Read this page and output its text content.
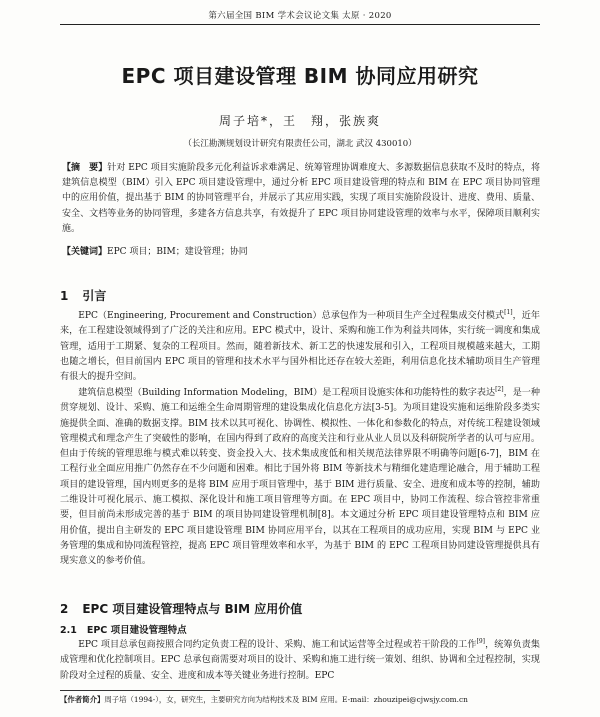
第六届全国 BIM 学术会议论文集 太原 · 2020
EPC 项目建设管理 BIM 协同应用研究
周子培*，王　翔，张族爽
（长江勘测规划设计研究有限责任公司，湖北 武汉 430010）

【摘　要】针对 EPC 项目实施阶段多元化利益诉求难满足、统筹管理协调难度大、多源数据信息获取不及时的特点，将建筑信息模型（BIM）引入 EPC 项目建设管理中，通过分析 EPC 项目建设管理的特点和 BIM 在 EPC 项目协同管理中的应用价值，提出基于 BIM 的协同管理平台，并展示了其应用实践，实现了项目实施阶段设计、进度、费用、质量、安全、文档等业务的协同管理，多建各方信息共享，有效提升了 EPC 项目协同建设管理的效率与水平，保障项目顺利实施。

【关键词】EPC 项目；BIM；建设管理；协同

1 引言

EPC（Engineering, Procurement and Construction）总承包作为一种项目生产全过程集成交付模式[1]，近年来，在工程建设领域得到了广泛的关注和应用。EPC 模式中，设计、采购和施工作为利益共同体，实行统一调度和集成管理，适用于工期紧、复杂的工程项目。然而，随着新技术、新工艺的快速发展和引入，工程项目规模越来越大，工期也随之增长，但目前国内 EPC 项目的管理和技术水平与国外相比还存在较大差距，利用信息化技术辅助项目生产管理有很大的提升空间。

建筑信息模型（Building Information Modeling，BIM）是工程项目设施实体和功能特性的数字表达[2]，是一种贯穿规划、设计、采购、施工和运维全生命周期管理的建设集成化信息化方法[3-5]。为项目建设实施和运维阶段多类实施提供全面、准确的数据支撑。BIM 技术以其可视化、协调性、模拟性、一体化和参数化的特点，对传统工程建设领域管理模式和理念产生了突破性的影响，在国内得到了政府的高度关注和行业从业人员以及科研院所学者的认可与应用。但由于传统的管理思维与模式难以转变、资金投入大、技术集成度低和相关规范法律界限不明确等问题[6-7]，BIM 在工程行业全面应用推广仍然存在不少问题和困难。相比于国外将 BIM 等新技术与精细化建造理论融合，用于辅助工程项目的建设管理，国内则更多的是将 BIM 应用于项目管理中，基于 BIM 进行质量、安全、进度和成本等的控制，辅助二维设计可视化展示、施工模拟、深化设计和施工项目管理等方面。在 EPC 项目中，协同工作流程、综合管控非常重要，但目前尚未形成完善的基于 BIM 的项目协同建设管理机制[8]。本文通过分析 EPC 项目建设管理特点和 BIM 应用价值，提出自主研发的 EPC 项目建设管理 BIM 协同应用平台，以其在工程项目的成功应用，实现 BIM 与 EPC 业务管理的集成和协同流程管控，提高 EPC 项目管理效率和水平，为基于 BIM 的 EPC 工程项目协同建设管理提供具有现实意义的参考价值。

2 EPC 项目建设管理特点与 BIM 应用价值
2.1 EPC 项目建设管理特点

EPC 项目总承包商按照合同约定负责工程的设计、采购、施工和试运营等全过程或若干阶段的工作[9]，统筹负责集成管理和优化控制项目。EPC 总承包商需要对项目的设计、采购和施工进行统一策划、组织、协调和全过程控制，实现阶段对全过程的质量、安全、进度和成本等关键业务进行控制。EPC

【作者简介】周子培（1994-），女，研究生，主要研究方向为结构技术及 BIM 应用。E-mail：zhouzipei@cjwsjy.com.cn
